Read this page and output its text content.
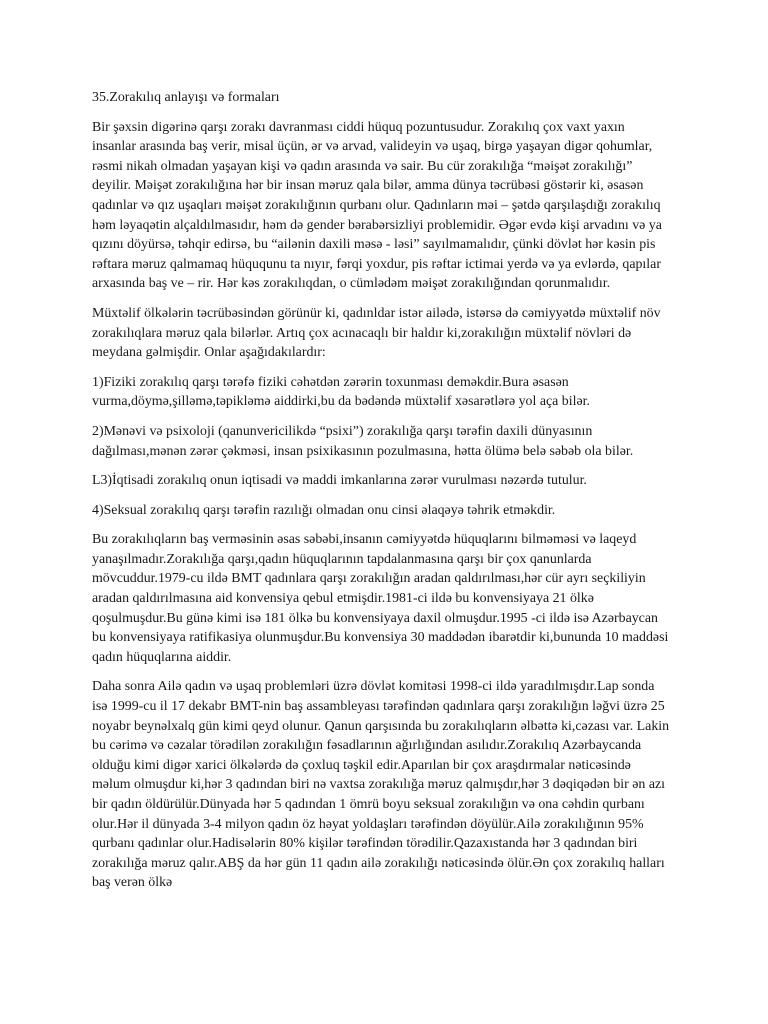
35.Zorakılıq anlayışı və formaları

Bir şəxsin digərinə qarşı zorakı davranması ciddi hüquq pozuntusudur. Zorakılıq çox vaxt yaxın insanlar arasında baş verir, misal üçün, ər və arvad, valideyin və uşaq, birgə yaşayan digər qohumlar, rəsmi nikah olmadan yaşayan kişi və qadın arasında və sair. Bu cür zorakılığa “məişət zorakılığı” deyilir. Məişət zorakılığına hər bir insan məruz qala bilər, amma dünya təcrübəsi göstərir ki, əsasən qadınlar və qız uşaqları məişət zorakılığının qurbanı olur. Qadınların məi – şətdə qarşılaşdığı zorakılıq həm ləyaqətin alçaldılmasıdır, həm də gender bərabərsizliyi problemidir. Əgər evdə kişi arvadını və ya qızını döyürsə, təhqir edirsə, bu “ailənin daxili məsə - ləsi” sayılmamalıdır, çünki dövlət hər kəsin pis rəftara məruz qalmamaq hüququnu ta nıyır, fərqi yoxdur, pis rəftar ictimai yerdə və ya evlərdə, qapılar arxasında baş ve – rir. Hər kəs zorakılıqdan, o cümlədəm məişət zorakılığından qorunmalıdır.

Müxtəlif ölkələrin təcrübəsindən görünür ki, qadınldar istər ailədə, istərsə də cəmiyyətdə müxtəlif növ zorakılıqlara məruz qala bilərlər. Artıq çox acınacaqlı bir haldır ki,zorakılığın müxtəlif növləri də meydana gəlmişdir. Onlar aşağıdakılardır:

1)Fiziki zorakılıq qarşı tərəfə fiziki cəhətdən zərərin toxunması deməkdir.Bura əsasən vurma,döymə,şilləmə,təpikləmə aiddirki,bu da bədəndə müxtəlif xəsarətlərə yol aça bilər.

2)Mənəvi və psixoloji (qanunvericilikdə “psixi”) zorakılığa qarşı tərəfin daxili dünyasının dağılması,mənən zərər çəkməsi, insan psixikasının pozulmasına, hətta ölümə belə səbəb ola bilər.

L3)İqtisadi zorakılıq onun iqtisadi və maddi imkanlarına zərər vurulması nəzərdə tutulur.

4)Seksual zorakılıq qarşı tərəfin razılığı olmadan onu cinsi əlaqəyə təhrik etməkdir.

Bu zorakılıqların baş verməsinin əsas səbəbi,insanın cəmiyyətdə hüquqlarını bilməməsi və laqeyd yanaşılmadır.Zorakılığa qarşı,qadın hüquqlarının tapdalanmasına qarşı bir çox qanunlarda mövcuddur.1979-cu ildə BMT qadınlara qarşı zorakılığın aradan qaldırılması,hər cür ayrı seçkiliyin aradan qaldırılmasına aid konvensiya qebul etmişdir.1981-ci ildə bu konvensiyaya 21 ölkə qoşulmuşdur.Bu günə kimi isə 181 ölkə bu konvensiyaya daxil olmuşdur.1995 -ci ildə isə Azərbaycan bu konvensiyaya ratifikasiya olunmuşdur.Bu konvensiya 30 maddədən ibarətdir ki,bununda 10 maddəsi qadın hüquqlarına aiddir.

Daha sonra Ailə qadın və uşaq problemləri üzrə dövlət komitəsi 1998-ci ildə yaradılmışdır.Lap sonda isə 1999-cu il 17 dekabr BMT-nin baş assambleyası tərəfindən qadınlara qarşı zorakılığın ləğvi üzrə 25 noyabr beynəlxalq gün kimi qeyd olunur. Qanun qarşısında bu zorakılıqların əlbəttə ki,cəzası var. Lakin bu cərimə və cəzalar törədilən zorakılığın fəsadlarının ağırlığından asılıdır.Zorakılıq Azərbaycanda olduğu kimi digər xarici ölkələrdə də çoxluq təşkil edir.Aparılan bir çox araşdırmalar nəticəsində məlum olmuşdur ki,hər 3 qadından biri nə vaxtsa zorakılığa məruz qalmışdır,hər 3 dəqiqədən bir ən azı bir qadın öldürülür.Dünyada hər 5 qadından 1 ömrü boyu seksual zorakılığın və ona cəhdin qurbanı olur.Hər il dünyada 3-4 milyon qadın öz həyat yoldaşları tərəfindən döyülür.Ailə zorakılığının 95% qurbanı qadınlar olur.Hadisələrin 80% kişilər tərəfindən törədilir.Qazaxıstanda hər 3 qadından biri zorakılığa məruz qalır.ABŞ da hər gün 11 qadın ailə zorakılığı nəticəsində ölür.Ən çox zorakılıq halları baş verən ölkə
